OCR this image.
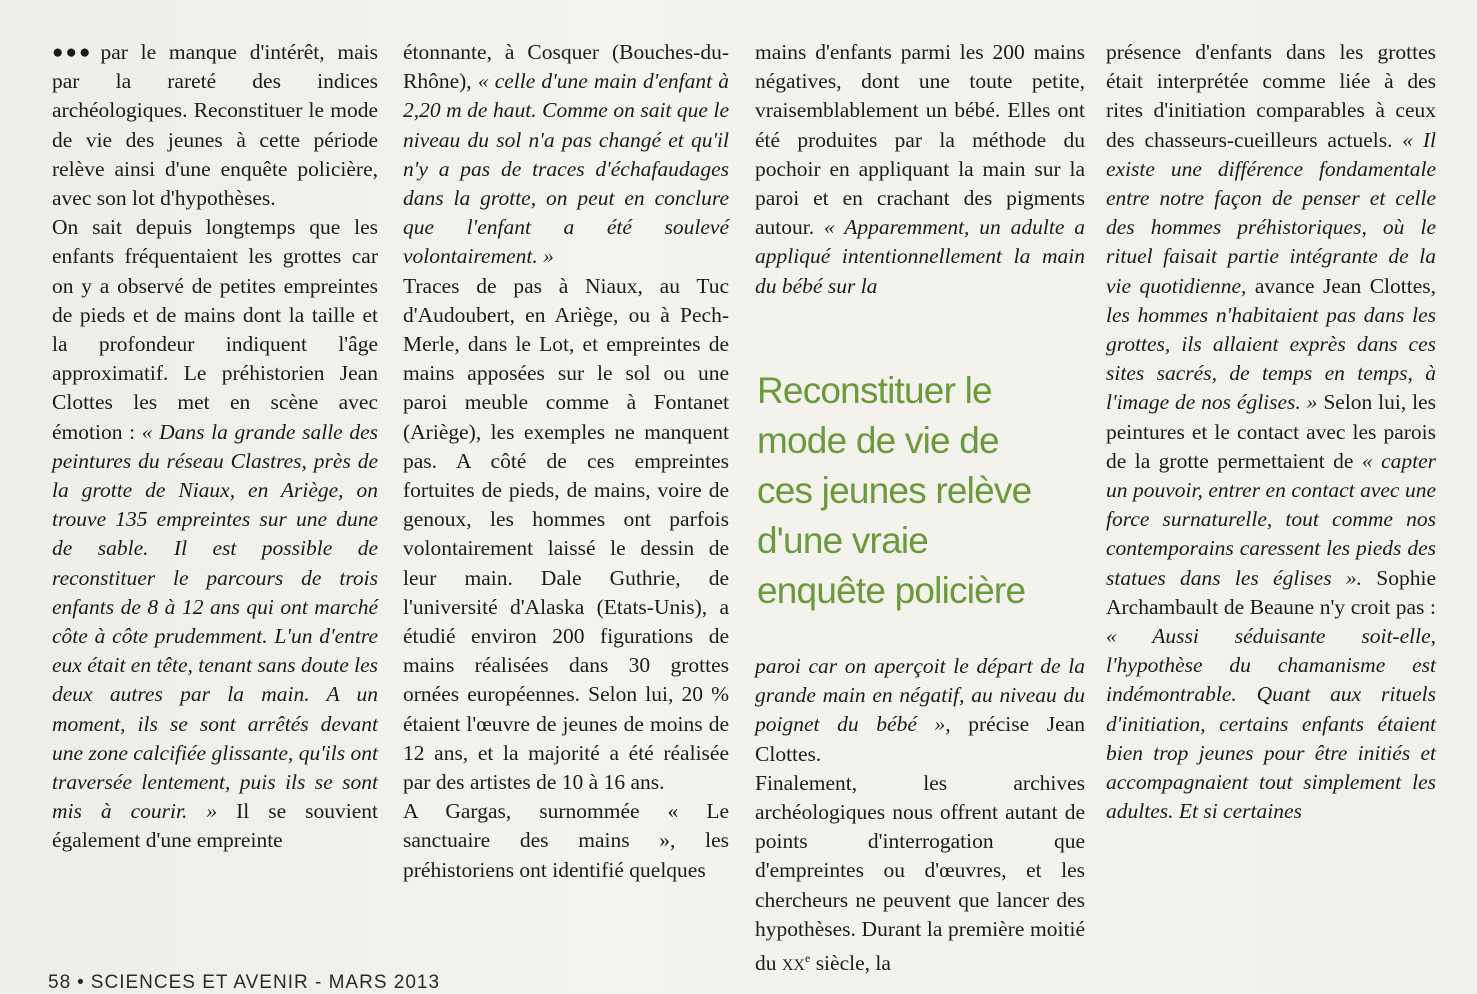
●●● par le manque d'intérêt, mais par la rareté des indices archéologiques. Reconstituer le mode de vie des jeunes à cette période relève ainsi d'une enquête policière, avec son lot d'hypothèses.

On sait depuis longtemps que les enfants fréquentaient les grottes car on y a observé de petites empreintes de pieds et de mains dont la taille et la profondeur indiquent l'âge approximatif. Le préhistorien Jean Clottes les met en scène avec émotion : « Dans la grande salle des peintures du réseau Clastres, près de la grotte de Niaux, en Ariège, on trouve 135 empreintes sur une dune de sable. Il est possible de reconstituer le parcours de trois enfants de 8 à 12 ans qui ont marché côte à côte prudemment. L'un d'entre eux était en tête, tenant sans doute les deux autres par la main. A un moment, ils se sont arrêtés devant une zone calcifiée glissante, qu'ils ont traversée lentement, puis ils se sont mis à courir. » Il se souvient également d'une empreinte

étonnante, à Cosquer (Bouches-du-Rhône), « celle d'une main d'enfant à 2,20 m de haut. Comme on sait que le niveau du sol n'a pas changé et qu'il n'y a pas de traces d'échafaudages dans la grotte, on peut en conclure que l'enfant a été soulevé volontairement. »

Traces de pas à Niaux, au Tuc d'Audoubert, en Ariège, ou à Pech-Merle, dans le Lot, et empreintes de mains apposées sur le sol ou une paroi meuble comme à Fontanet (Ariège), les exemples ne manquent pas. A côté de ces empreintes fortuites de pieds, de mains, voire de genoux, les hommes ont parfois volontairement laissé le dessin de leur main. Dale Guthrie, de l'université d'Alaska (Etats-Unis), a étudié environ 200 figurations de mains réalisées dans 30 grottes ornées européennes. Selon lui, 20 % étaient l'œuvre de jeunes de moins de 12 ans, et la majorité a été réalisée par des artistes de 10 à 16 ans.

A Gargas, surnommée « Le sanctuaire des mains », les préhistoriens ont identifié quelques

mains d'enfants parmi les 200 mains négatives, dont une toute petite, vraisemblablement un bébé. Elles ont été produites par la méthode du pochoir en appliquant la main sur la paroi et en crachant des pigments autour. « Apparemment, un adulte a appliqué intentionnellement la main du bébé sur la

Reconstituer le
mode de vie de
ces jeunes relève
d'une vraie
enquête policière

paroi car on aperçoit le départ de la grande main en négatif, au niveau du poignet du bébé », précise Jean Clottes.

Finalement, les archives archéologiques nous offrent autant de points d'interrogation que d'empreintes ou d'œuvres, et les chercheurs ne peuvent que lancer des hypothèses. Durant la première moitié du XXe siècle, la

présence d'enfants dans les grottes était interprétée comme liée à des rites d'initiation comparables à ceux des chasseurs-cueilleurs actuels. « Il existe une différence fondamentale entre notre façon de penser et celle des hommes préhistoriques, où le rituel faisait partie intégrante de la vie quotidienne, avance Jean Clottes, les hommes n'habitaient pas dans les grottes, ils allaient exprès dans ces sites sacrés, de temps en temps, à l'image de nos églises. » Selon lui, les peintures et le contact avec les parois de la grotte permettaient de « capter un pouvoir, entrer en contact avec une force surnaturelle, tout comme nos contemporains caressent les pieds des statues dans les églises ». Sophie Archambault de Beaune n'y croit pas : « Aussi séduisante soit-elle, l'hypothèse du chamanisme est indémontrable. Quant aux rituels d'initiation, certains enfants étaient bien trop jeunes pour être initiés et accompagnaient tout simplement les adultes. Et si certaines

58 • SCIENCES ET AVENIR - MARS 2013
